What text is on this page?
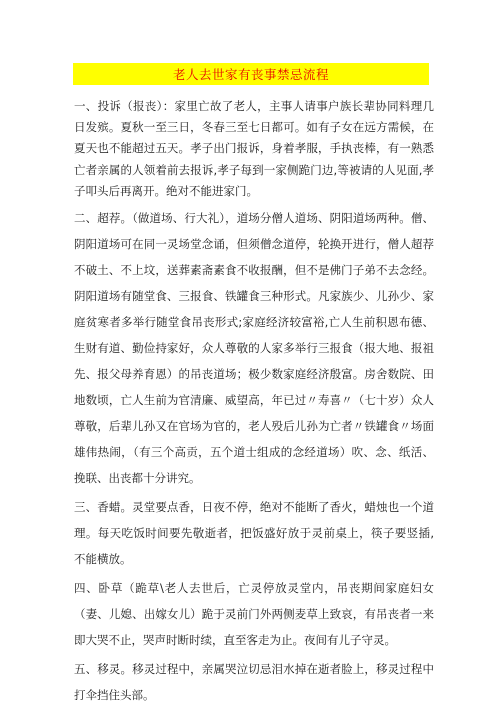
老人去世家有丧事禁忌流程

一、投诉（报丧）：家里亡故了老人，主事人请事户族长辈协同料理几日发殡。夏秋一至三日，冬春三至七日都可。如有子女在远方需候，在夏天也不能超过五天。孝子出门报诉，身着孝服，手执丧棒，有一熟悉亡者亲属的人领着前去报诉,孝子每到一家侧跪门边,等被请的人见面,孝子叩头后再离开。绝对不能进家门。

二、超荐。（做道场、行大礼），道场分僧人道场、阴阳道场两种。僧、阴阳道场可在同一灵场堂念诵，但须僧念道停，轮换开进行，僧人超荐不破土、不上坟，送葬素斋素食不收报酬，但不是佛门子弟不去念经。阴阳道场有随堂食、三报食、铁罐食三种形式。凡家族少、儿孙少、家庭贫寒者多举行随堂食吊丧形式;家庭经济较富裕,亡人生前积恩布德、生财有道、勤俭持家好，众人尊敬的人家多举行三报食（报大地、报祖先、报父母养育恩）的吊丧道场；极少数家庭经济殷富。房舍数院、田地数顷，亡人生前为官清廉、威望高，年已过〃寿喜〃（七十岁）众人尊敬，后辈儿孙又在官场为官的，老人殁后儿孙为亡者〃铁罐食〃场面雄伟热闹，（有三个高贡，五个道士组成的念经道场）吹、念、纸活、挽联、出丧都十分讲究。

三、香蜡。灵堂要点香，日夜不停，绝对不能断了香火，蜡烛也一个道理。每天吃饭时间要先敬逝者，把饭盛好放于灵前桌上，筷子要竖插,不能横放。

四、卧草（跪草\老人去世后，亡灵停放灵堂内，吊丧期间家庭妇女（妻、儿媳、出嫁女儿）跪于灵前门外两侧麦草上致哀，有吊丧者一来即大哭不止，哭声时断时续，直至客走为止。夜间有儿子守灵。

五、移灵。移灵过程中，亲属哭泣切忌泪水掉在逝者脸上，移灵过程中打伞挡住头部。
